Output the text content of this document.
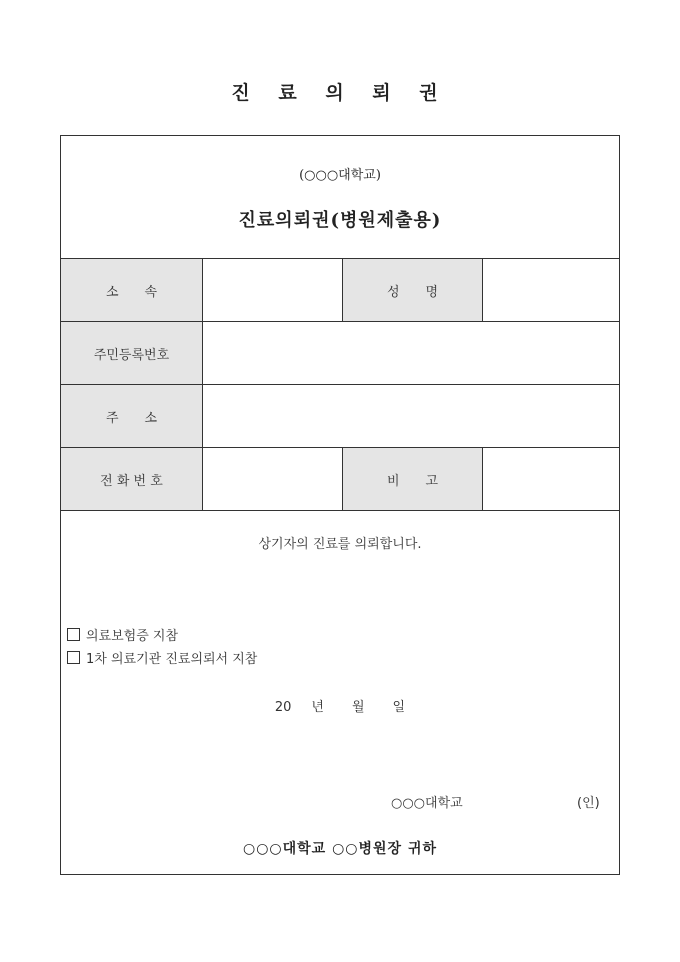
진 료 의 뢰 권
(○○○대학교)
진료의뢰권(병원제출용)
소　　속	성　　명
주민등록번호
주　　소
전 화 번 호	비　　고
상기자의 진료를 의뢰합니다.
의료보험증 지참
1차 의료기관 진료의뢰서 지참
20 년 월 일
○○○대학교	(인)
○○○대학교 ○○병원장 귀하
